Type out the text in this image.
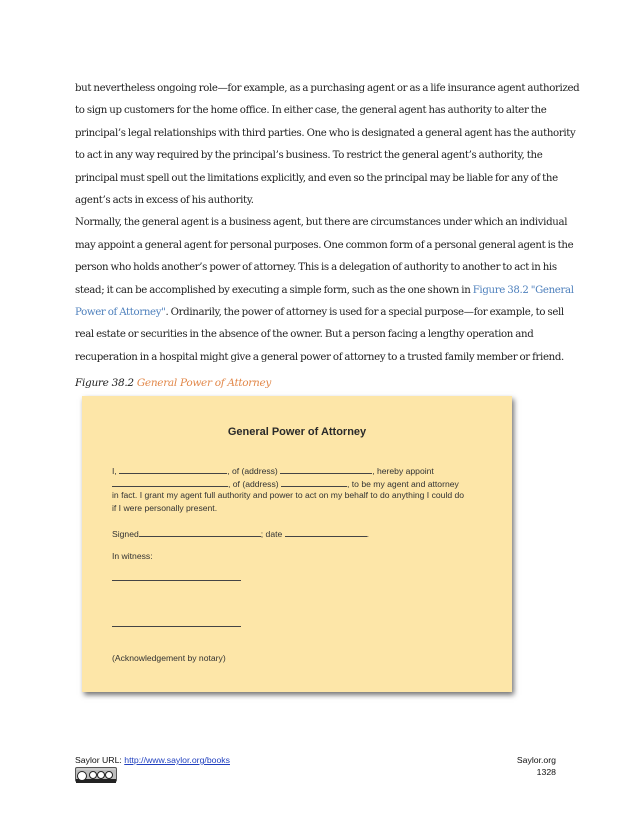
but nevertheless ongoing role—for example, as a purchasing agent or as a life insurance agent authorized
to sign up customers for the home office. In either case, the general agent has authority to alter the
principal’s legal relationships with third parties. One who is designated a general agent has the authority
to act in any way required by the principal’s business. To restrict the general agent’s authority, the
principal must spell out the limitations explicitly, and even so the principal may be liable for any of the
agent’s acts in excess of his authority.

Normally, the general agent is a business agent, but there are circumstances under which an individual
may appoint a general agent for personal purposes. One common form of a personal general agent is the
person who holds another’s power of attorney. This is a delegation of authority to another to act in his
stead; it can be accomplished by executing a simple form, such as the one shown in Figure 38.2 "General
Power of Attorney". Ordinarily, the power of attorney is used for a special purpose—for example, to sell
real estate or securities in the absence of the owner. But a person facing a lengthy operation and
recuperation in a hospital might give a general power of attorney to a trusted family member or friend.

Figure 38.2 General Power of Attorney
General Power of Attorney
I,	, of (address)	, hereby appoint
, of (address)	, to be my agent and attorney
in fact. I grant my agent full authority and power to act on my behalf to do anything I could do
if I were personally present.
Signed	; date	.
In witness:
(Acknowledgement by notary)
Saylor URL: http://www.saylor.org/books	Saylor.org
1328
